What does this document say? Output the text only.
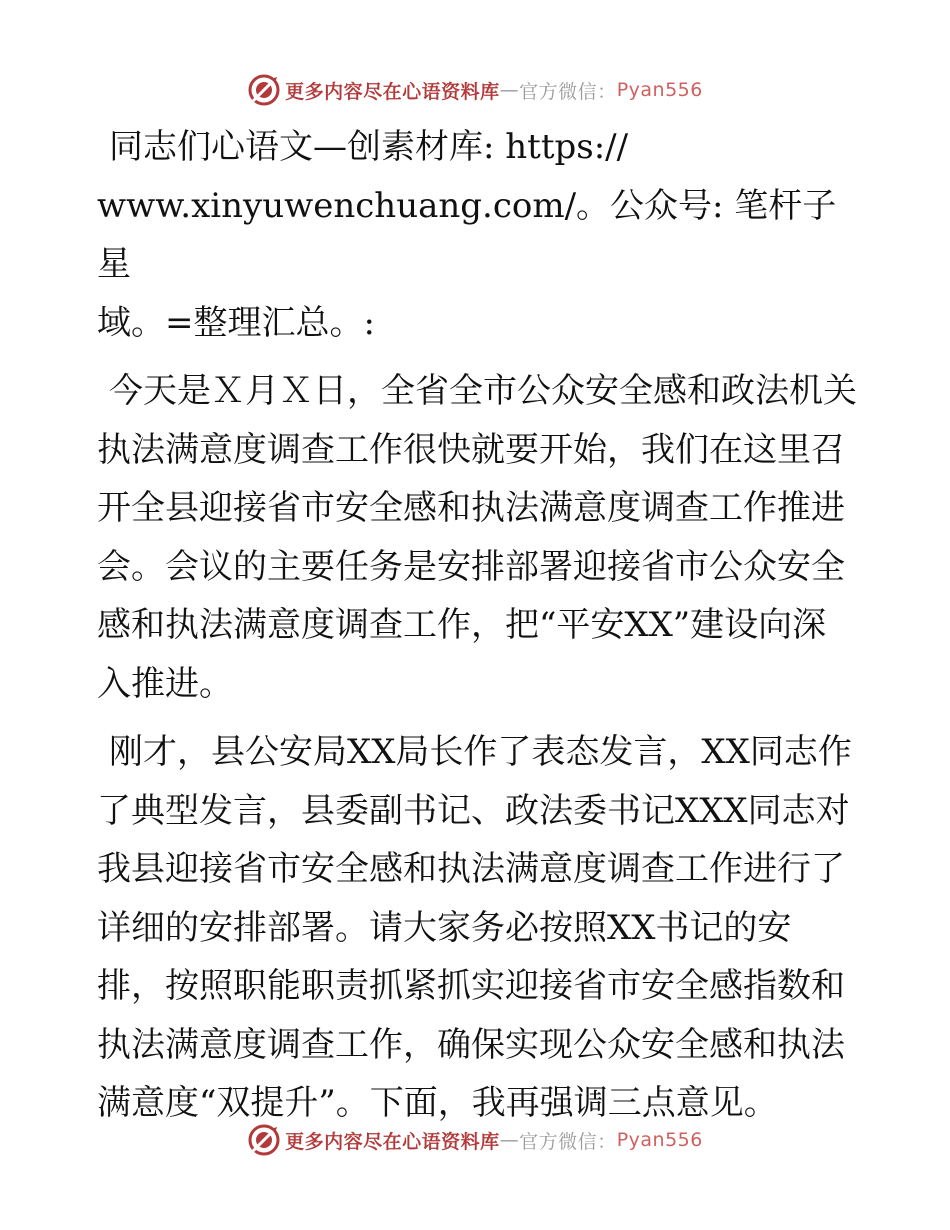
更多内容尽在心语资料库 — 官方微信： Pyan556

同志们心语文—创素材库: https://
www.xinyuwenchuang.com/。公众号: 笔杆子星
域。=整理汇总。:

今天是Ｘ月Ｘ日，全省全市公众安全感和政法机关
执法满意度调查工作很快就要开始，我们在这里召
开全县迎接省市安全感和执法满意度调查工作推进
会。会议的主要任务是安排部署迎接省市公众安全
感和执法满意度调查工作，把“平安XX”建设向深
入推进。

刚才，县公安局XX局长作了表态发言，XX同志作
了典型发言，县委副书记、政法委书记XXX同志对
我县迎接省市安全感和执法满意度调查工作进行了
详细的安排部署。请大家务必按照XX书记的安
排，按照职能职责抓紧抓实迎接省市安全感指数和
执法满意度调查工作，确保实现公众安全感和执法
满意度“双提升”。下面，我再强调三点意见。

更多内容尽在心语资料库 — 官方微信： Pyan556
